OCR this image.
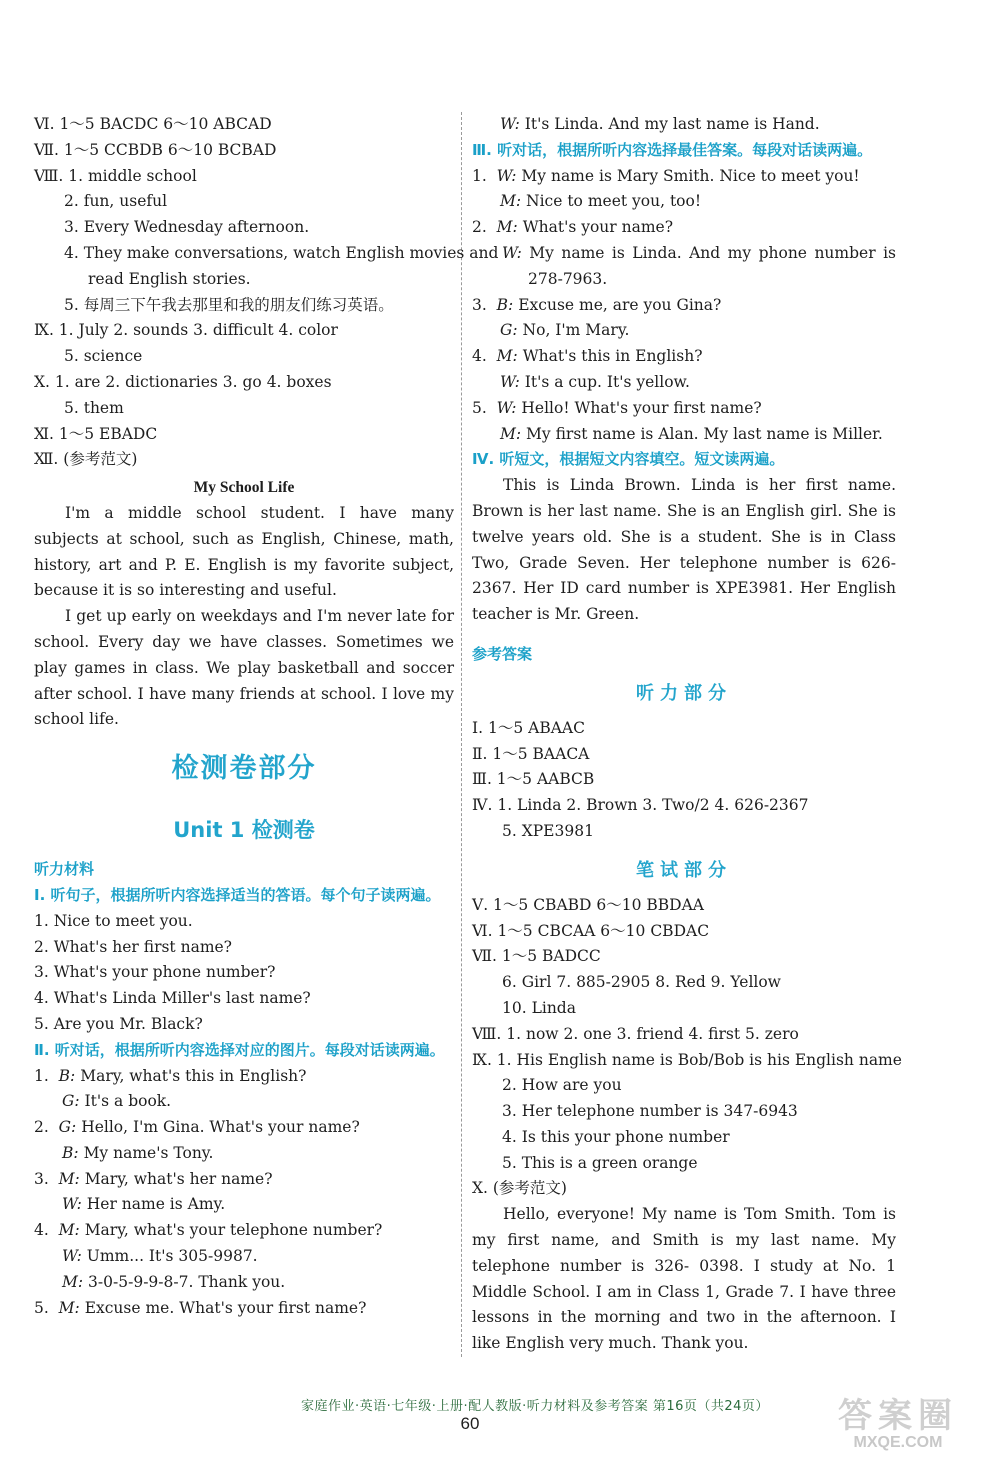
Ⅵ. 1～5 BACDC 6～10 ABCAD
Ⅶ. 1～5 CCBDB 6～10 BCBAD
Ⅷ. 1. middle school
2. fun, useful
3. Every Wednesday afternoon.
4. They make conversations, watch English movies and
read English stories.
5. 每周三下午我去那里和我的朋友们练习英语。
Ⅸ. 1. July 2. sounds 3. difficult 4. color
5. science
Ⅹ. 1. are 2. dictionaries 3. go 4. boxes
5. them
Ⅺ. 1～5 EBADC
Ⅻ. (参考范文)
My School Life
I'm a middle school student. I have many subjects at school, such as English, Chinese, math, history, art and P. E. English is my favorite subject, because it is so interesting and useful.
I get up early on weekdays and I'm never late for school. Every day we have classes. Sometimes we play games in class. We play basketball and soccer after school. I have many friends at school. I love my school life.
检测卷部分
Unit 1 检测卷
听力材料
Ⅰ. 听句子，根据所听内容选择适当的答语。每个句子读两遍。
1. Nice to meet you.
2. What's her first name?
3. What's your phone number?
4. What's Linda Miller's last name?
5. Are you Mr. Black?
Ⅱ. 听对话，根据所听内容选择对应的图片。每段对话读两遍。
1. B: Mary, what's this in English?
G: It's a book.
2. G: Hello, I'm Gina. What's your name?
B: My name's Tony.
3. M: Mary, what's her name?
W: Her name is Amy.
4. M: Mary, what's your telephone number?
W: Umm... It's 305-9987.
M: 3-0-5-9-9-8-7. Thank you.
5. M: Excuse me. What's your first name?
W: It's Linda. And my last name is Hand.
Ⅲ. 听对话，根据所听内容选择最佳答案。每段对话读两遍。
1. W: My name is Mary Smith. Nice to meet you!
M: Nice to meet you, too!
2. M: What's your name?
W: My name is Linda. And my phone number is 278-7963.
3. B: Excuse me, are you Gina?
G: No, I'm Mary.
4. M: What's this in English?
W: It's a cup. It's yellow.
5. W: Hello! What's your first name?
M: My first name is Alan. My last name is Miller.
Ⅳ. 听短文，根据短文内容填空。短文读两遍。
This is Linda Brown. Linda is her first name. Brown is her last name. She is an English girl. She is twelve years old. She is a student. She is in Class Two, Grade Seven. Her telephone number is 626-2367. Her ID card number is XPE3981. Her English teacher is Mr. Green.
参考答案
听力部分
Ⅰ. 1～5 ABAAC
Ⅱ. 1～5 BAACA
Ⅲ. 1～5 AABCB
Ⅳ. 1. Linda 2. Brown 3. Two/2 4. 626-2367
5. XPE3981
笔试部分
Ⅴ. 1～5 CBABD 6～10 BBDAA
Ⅵ. 1～5 CBCAA 6～10 CBDAC
Ⅶ. 1～5 BADCC
6. Girl 7. 885-2905 8. Red 9. Yellow
10. Linda
Ⅷ. 1. now 2. one 3. friend 4. first 5. zero
Ⅸ. 1. His English name is Bob/Bob is his English name
2. How are you
3. Her telephone number is 347-6943
4. Is this your phone number
5. This is a green orange
Ⅹ. (参考范文)
Hello, everyone! My name is Tom Smith. Tom is my first name, and Smith is my last name. My telephone number is 326- 0398. I study at No. 1 Middle School. I am in Class 1, Grade 7. I have three lessons in the morning and two in the afternoon. I like English very much. Thank you.
家庭作业·英语·七年级·上册·配人教版·听力材料及参考答案 第16页（共24页）
60	答案圈
MXQE.COM
